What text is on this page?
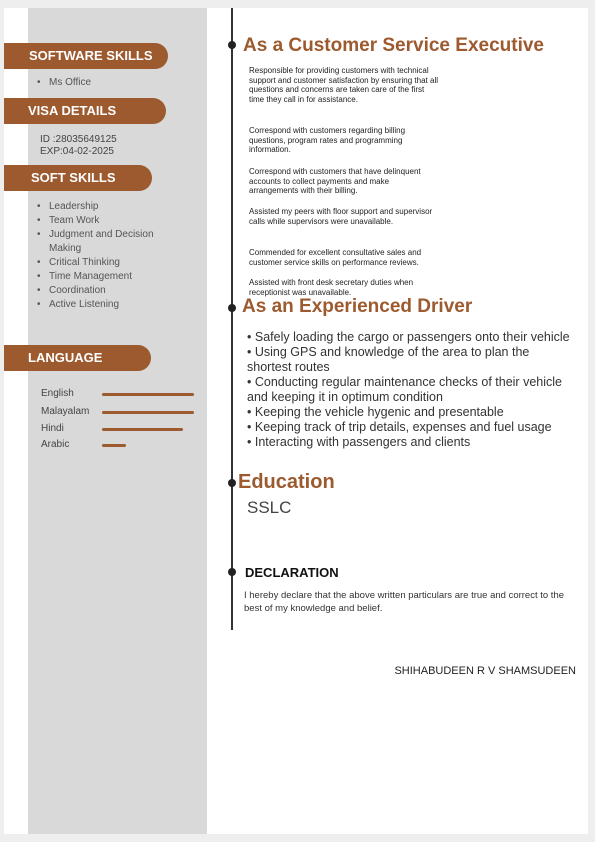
SOFTWARE SKILLS
• Ms Office
VISA DETAILS
ID :28035649125
EXP:04-02-2025
SOFT SKILLS
• Leadership
• Team Work
• Judgment and Decision Making
• Critical Thinking
• Time Management
• Coordination
• Active Listening
LANGUAGE
English
Malayalam
Hindi
Arabic
As a Customer Service Executive

Responsible for providing customers with technical support and customer satisfaction by ensuring that all questions and concerns are taken care of the first time they call in for assistance.

Correspond with customers regarding billing questions, program rates and programming information.

Correspond with customers that have delinquent accounts to collect payments and make arrangements with their billing.

Assisted my peers with floor support and supervisor calls while supervisors were unavailable.

Commended for excellent consultative sales and customer service skills on performance reviews.

Assisted with front desk secretary duties when receptionist was unavailable.

As an Experienced Driver
• Safely loading the cargo or passengers onto their vehicle
• Using GPS and knowledge of the area to plan the shortest routes
• Conducting regular maintenance checks of their vehicle and keeping it in optimum condition
• Keeping the vehicle hygenic and presentable
• Keeping track of trip details, expenses and fuel usage
• Interacting with passengers and clients
Education
SSLC
DECLARATION

I hereby declare that the above written particulars are true and correct to the best of my knowledge and belief.

SHIHABUDEEN R V SHAMSUDEEN
